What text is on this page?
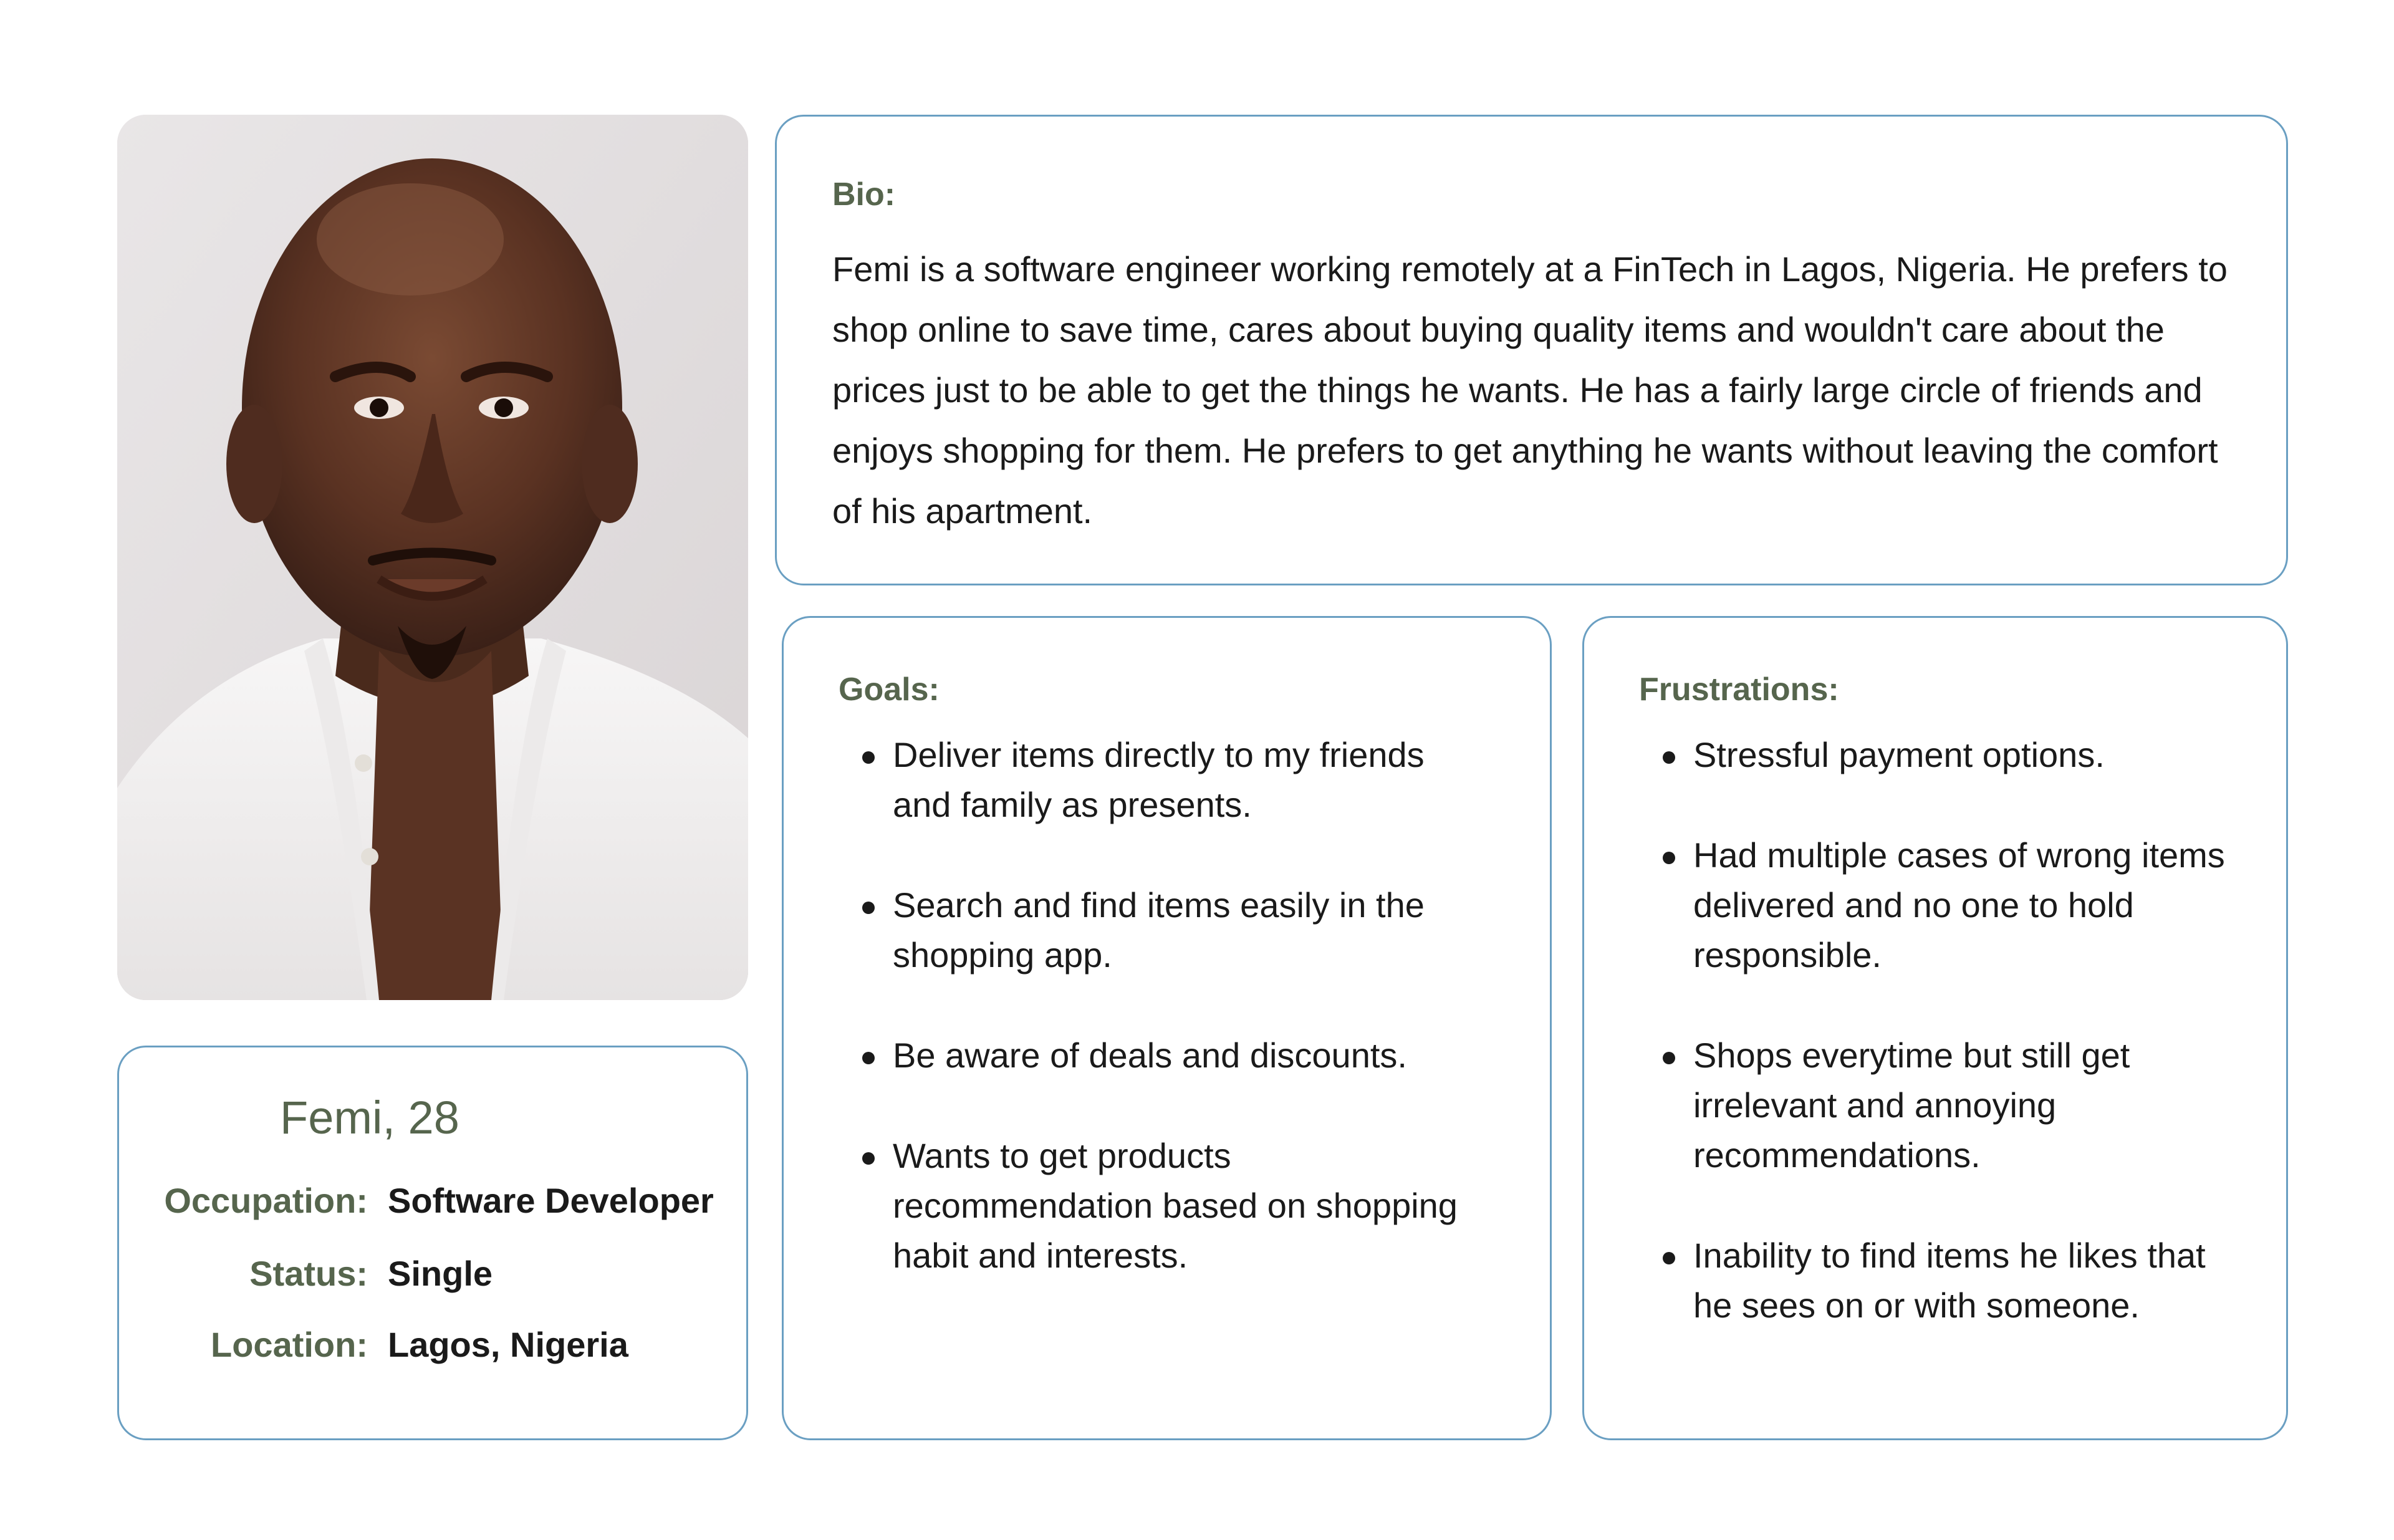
Femi, 28

Occupation: Software Developer
Status: Single
Location: Lagos, Nigeria

Bio:

Femi is a software engineer working remotely at a FinTech in Lagos, Nigeria. He prefers to shop online to save time, cares about buying quality items and wouldn't care about the prices just to be able to get the things he wants. He has a fairly large circle of friends and enjoys shopping for them. He prefers to get anything he wants without leaving the comfort of his apartment.

Goals:

Deliver items directly to my friends and family as presents.
Search and find items easily in the shopping app.
Be aware of deals and discounts.
Wants to get products recommendation based on shopping habit and interests.

Frustrations:

Stressful payment options.
Had multiple cases of wrong items delivered and no one to hold responsible.
Shops everytime but still get irrelevant and annoying recommendations.
Inability to find items he likes that he sees on or with someone.
